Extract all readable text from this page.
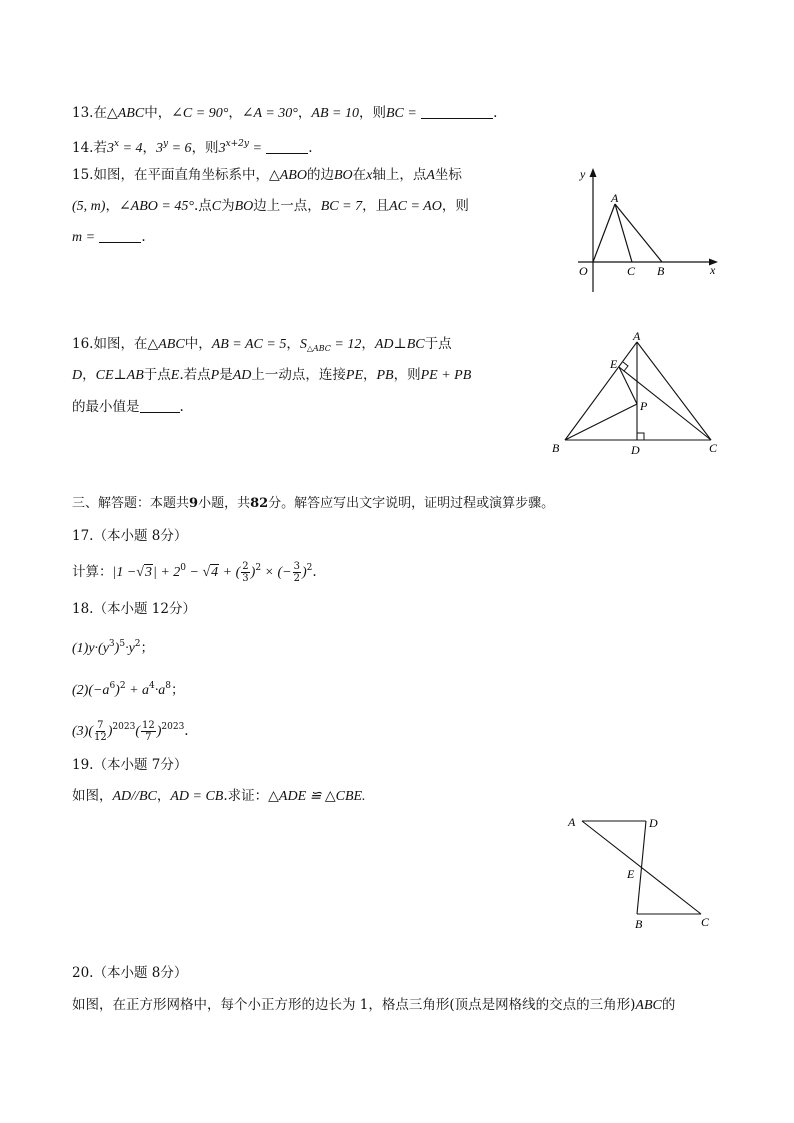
13.在△ABC中，∠C = 90°，∠A = 30°，AB = 10，则BC =	.
14.若$3^x = 4$，$3^y = 6$，则$3^{x+2y}$ =	.
15.如图，在平面直角坐标系中，△ABO的边BO在x轴上，点A坐标
(5, m)，∠ABO = 45°.点C为BO边上一点，BC = 7，且AC = AO，则
m =	.
y
x
A
O	C B
16.如图，在△ABC中，AB = AC = 5，$S_{\triangle ABC} = 12$，AD⊥BC于点
D，CE⊥AB于点E.若点P是AD上一动点，连接PE，PB，则PE + PB
的最小值是	.
A
E
P
B	D	C
三、解答题：本题共9小题，共82分。解答应写出文字说明，证明过程或演算步骤。
17.（本小题 8分）
计算：$|1 -√3| + 2^0 - √4$ + ( $\frac{2}{3} )^2$ × (− $\frac{3}{2} )^2$.
18.（本小题 12分）
$(1)y\cdot(y^3)^5\cdot y^2$；
$(2)(-a^6)^2 + a^4\cdot a^8$；
$(3)( \frac{7}{12} )^{2023}( \frac{12}{7} )^{2023}$.
19.（本小题 7分）
如图，AD//BC，AD = CB.求证：△ADE ≌ △CBE.
A	D
E
B	C
20.（本小题 8分）
如图，在正方形网格中，每个小正方形的边长为 1，格点三角形(顶点是网格线的交点的三角形)ABC的
